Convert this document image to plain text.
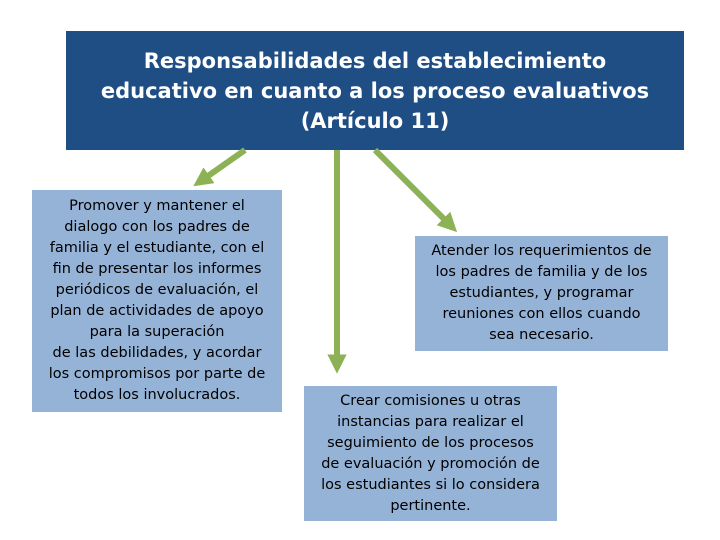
Responsabilidades del establecimiento
educativo en cuanto a los proceso evaluativos
(Artículo 11)
Promover y mantener el
dialogo con los padres de
familia y el estudiante, con el
fin de presentar los informes
periódicos de evaluación, el
plan de actividades de apoyo
para la superación
de las debilidades, y acordar
los compromisos por parte de
todos los involucrados.
Atender los requerimientos de
los padres de familia y de los
estudiantes, y programar
reuniones con ellos cuando
sea necesario.
Crear comisiones u otras
instancias para realizar el
seguimiento de los procesos
de evaluación y promoción de
los estudiantes si lo considera
pertinente.
